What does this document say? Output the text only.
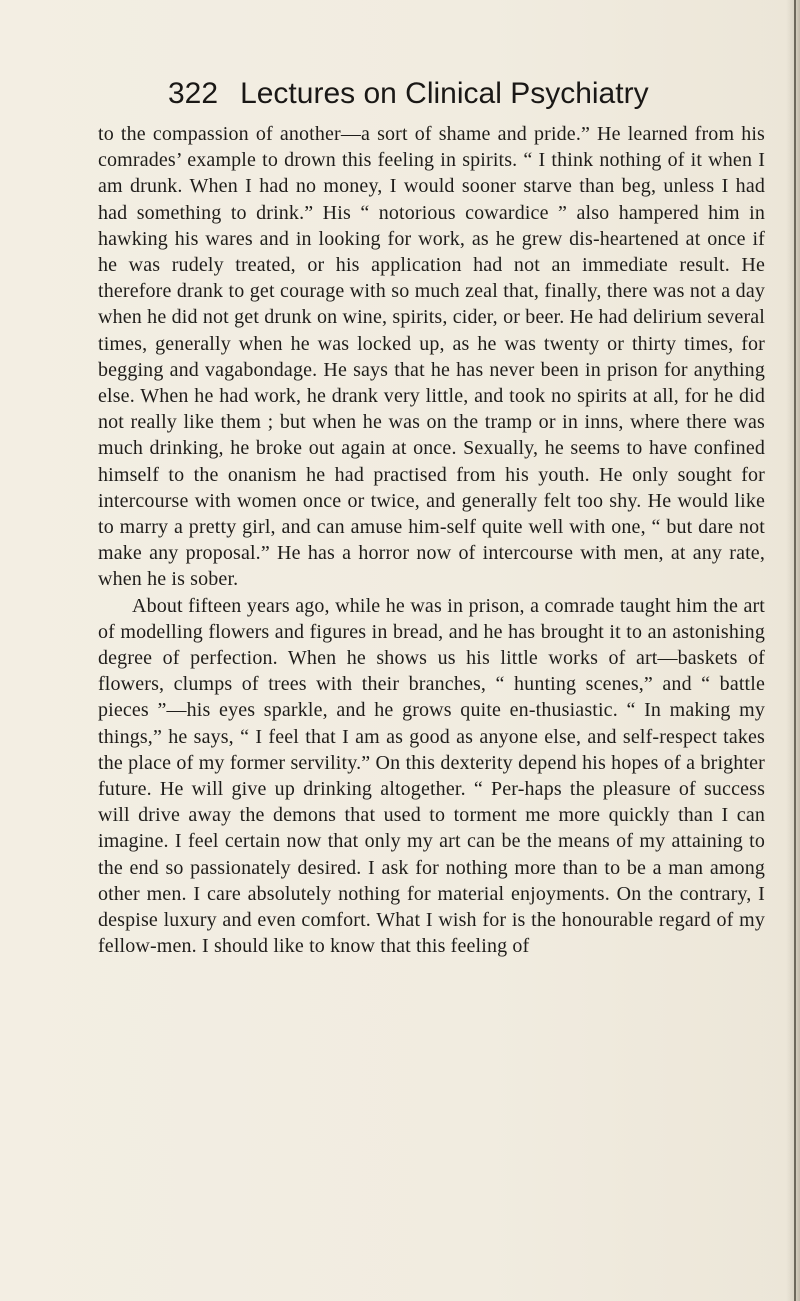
322 Lectures on Clinical Psychiatry

to the compassion of another—a sort of shame and pride.” He learned from his comrades’ example to drown this feeling in spirits. “ I think nothing of it when I am drunk. When I had no money, I would sooner starve than beg, unless I had had something to drink.” His “ notorious cowardice ” also hampered him in hawking his wares and in looking for work, as he grew dis-heartened at once if he was rudely treated, or his application had not an immediate result. He therefore drank to get courage with so much zeal that, finally, there was not a day when he did not get drunk on wine, spirits, cider, or beer. He had delirium several times, generally when he was locked up, as he was twenty or thirty times, for begging and vagabondage. He says that he has never been in prison for anything else. When he had work, he drank very little, and took no spirits at all, for he did not really like them ; but when he was on the tramp or in inns, where there was much drinking, he broke out again at once. Sexually, he seems to have confined himself to the onanism he had practised from his youth. He only sought for intercourse with women once or twice, and generally felt too shy. He would like to marry a pretty girl, and can amuse him-self quite well with one, “ but dare not make any proposal.” He has a horror now of intercourse with men, at any rate, when he is sober.

About fifteen years ago, while he was in prison, a comrade taught him the art of modelling flowers and figures in bread, and he has brought it to an astonishing degree of perfection. When he shows us his little works of art—baskets of flowers, clumps of trees with their branches, “ hunting scenes,” and “ battle pieces ”—his eyes sparkle, and he grows quite en-thusiastic. “ In making my things,” he says, “ I feel that I am as good as anyone else, and self-respect takes the place of my former servility.” On this dexterity depend his hopes of a brighter future. He will give up drinking altogether. “ Per-haps the pleasure of success will drive away the demons that used to torment me more quickly than I can imagine. I feel certain now that only my art can be the means of my attaining to the end so passionately desired. I ask for nothing more than to be a man among other men. I care absolutely nothing for material enjoyments. On the contrary, I despise luxury and even comfort. What I wish for is the honourable regard of my fellow-men. I should like to know that this feeling of
